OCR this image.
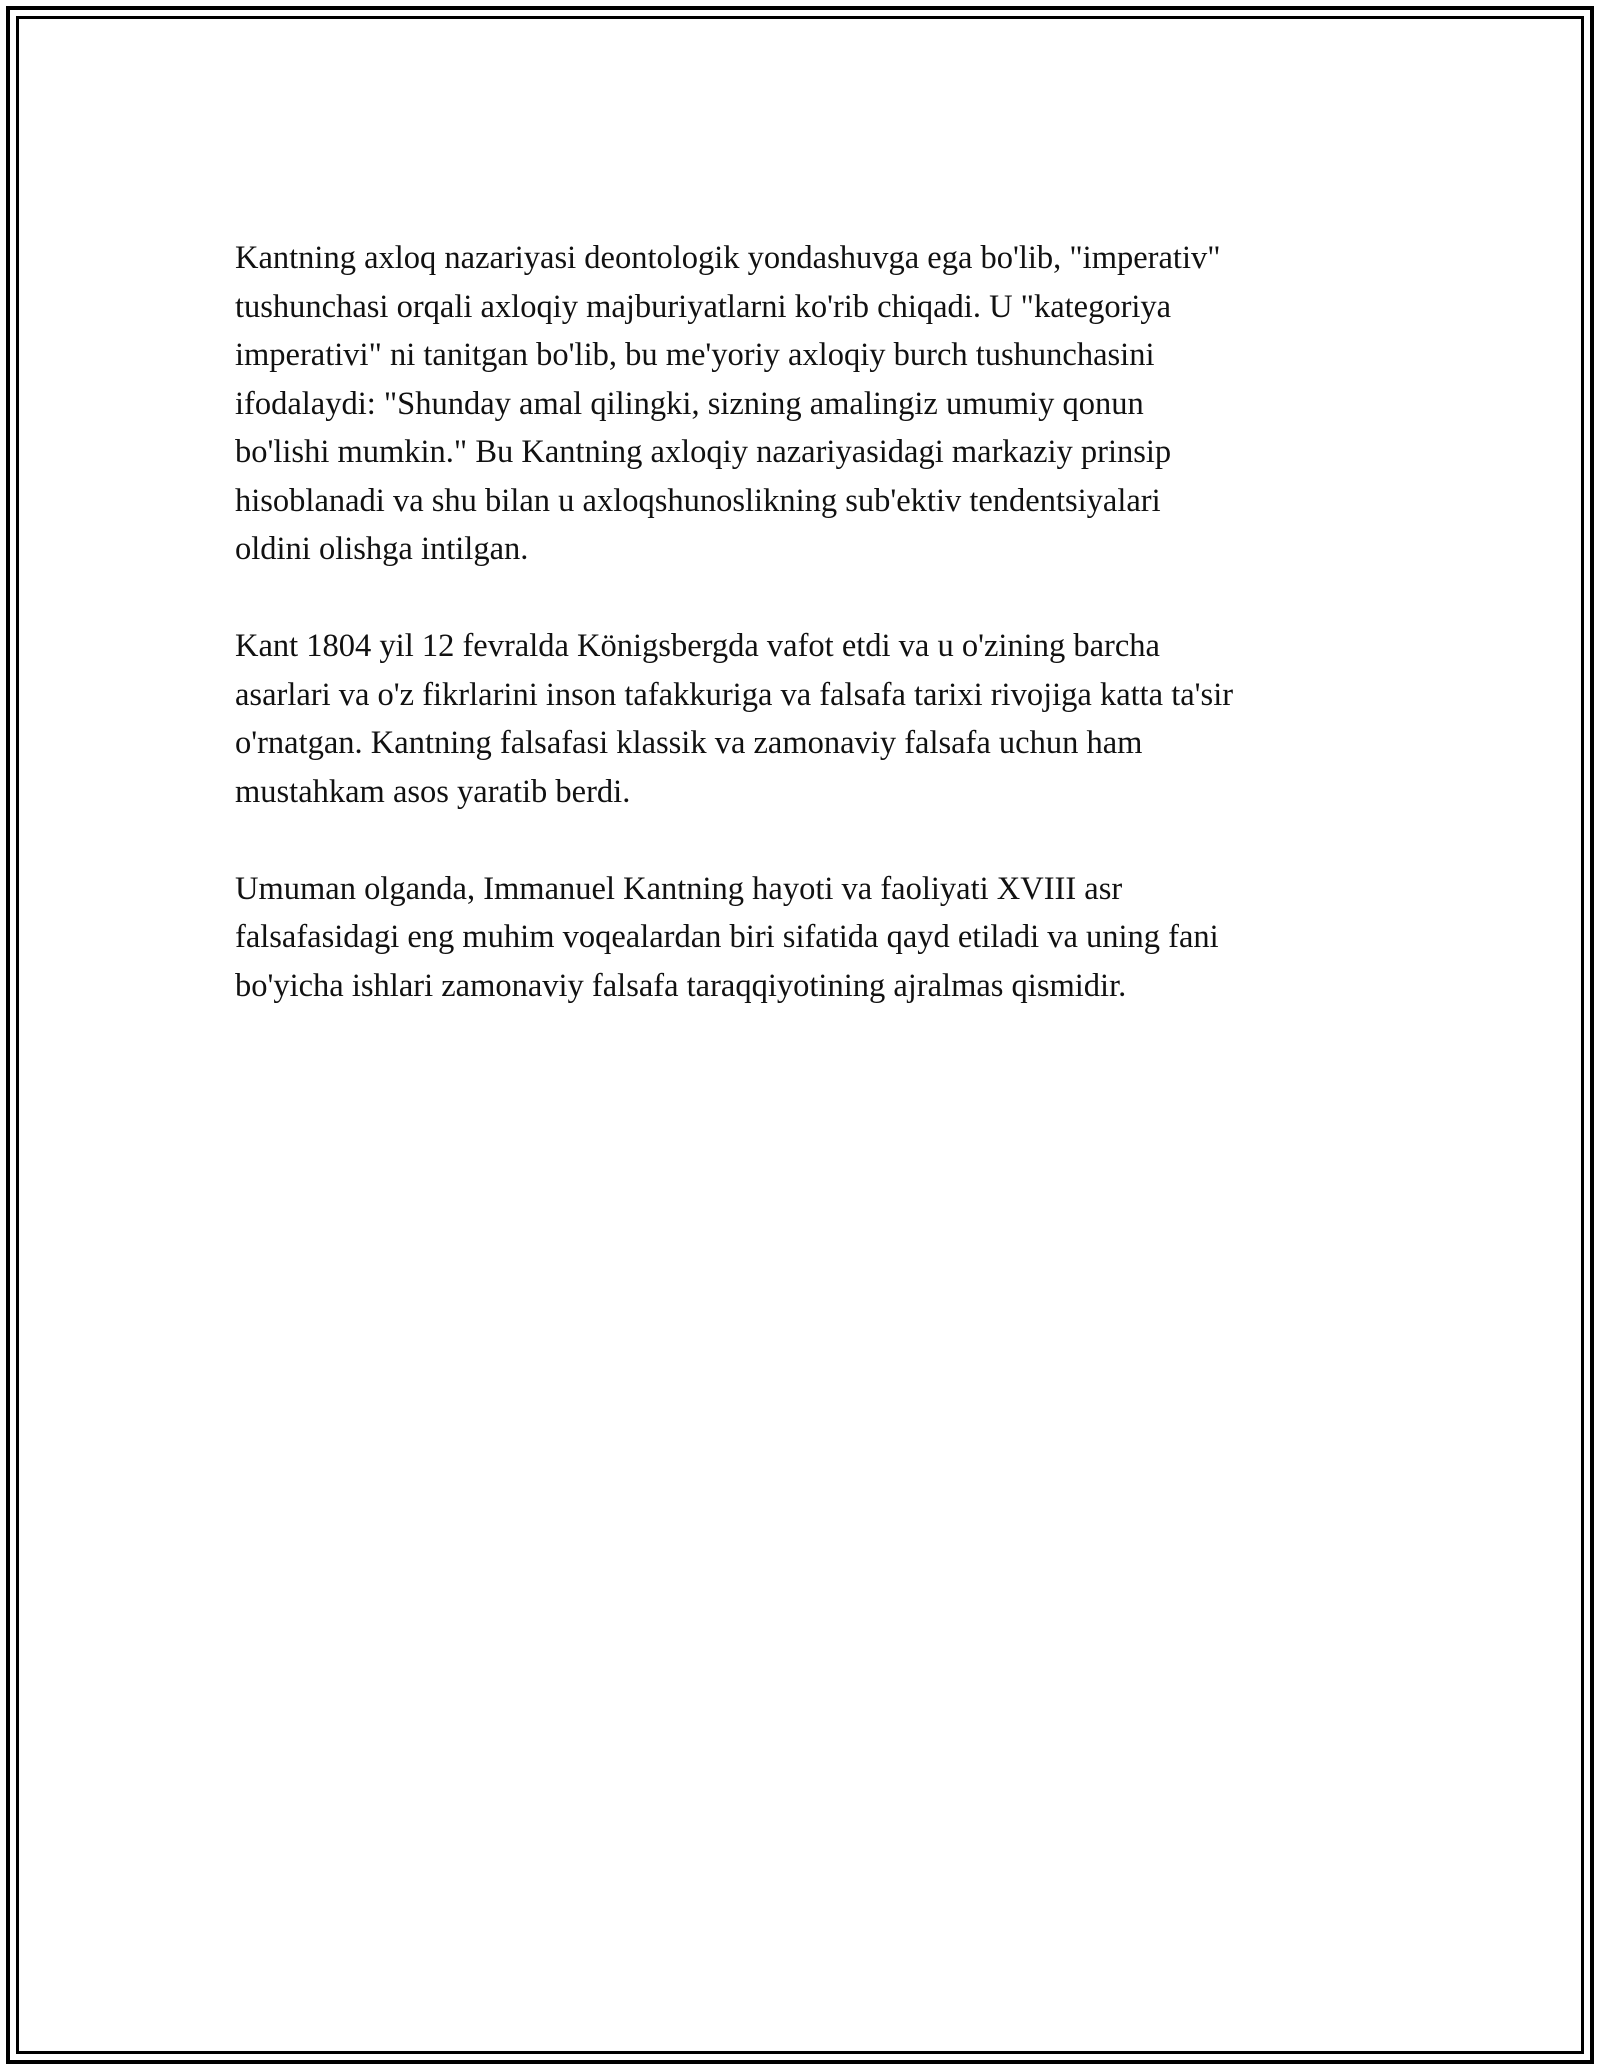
Kantning axloq nazariyasi deontologik yondashuvga ega bo'lib, "imperativ"

tushunchasi orqali axloqiy majburiyatlarni ko'rib chiqadi. U "kategoriya

imperativi" ni tanitgan bo'lib, bu me'yoriy axloqiy burch tushunchasini

ifodalaydi: "Shunday amal qilingki, sizning amalingiz umumiy qonun

bo'lishi mumkin." Bu Kantning axloqiy nazariyasidagi markaziy prinsip

hisoblanadi va shu bilan u axloqshunoslikning sub'ektiv tendentsiyalari

oldini olishga intilgan.

Kant 1804 yil 12 fevralda Königsbergda vafot etdi va u o'zining barcha

asarlari va o'z fikrlarini inson tafakkuriga va falsafa tarixi rivojiga katta ta'sir

o'rnatgan. Kantning falsafasi klassik va zamonaviy falsafa uchun ham

mustahkam asos yaratib berdi.

Umuman olganda, Immanuel Kantning hayoti va faoliyati XVIII asr

falsafasidagi eng muhim voqealardan biri sifatida qayd etiladi va uning fani

bo'yicha ishlari zamonaviy falsafa taraqqiyotining ajralmas qismidir.
